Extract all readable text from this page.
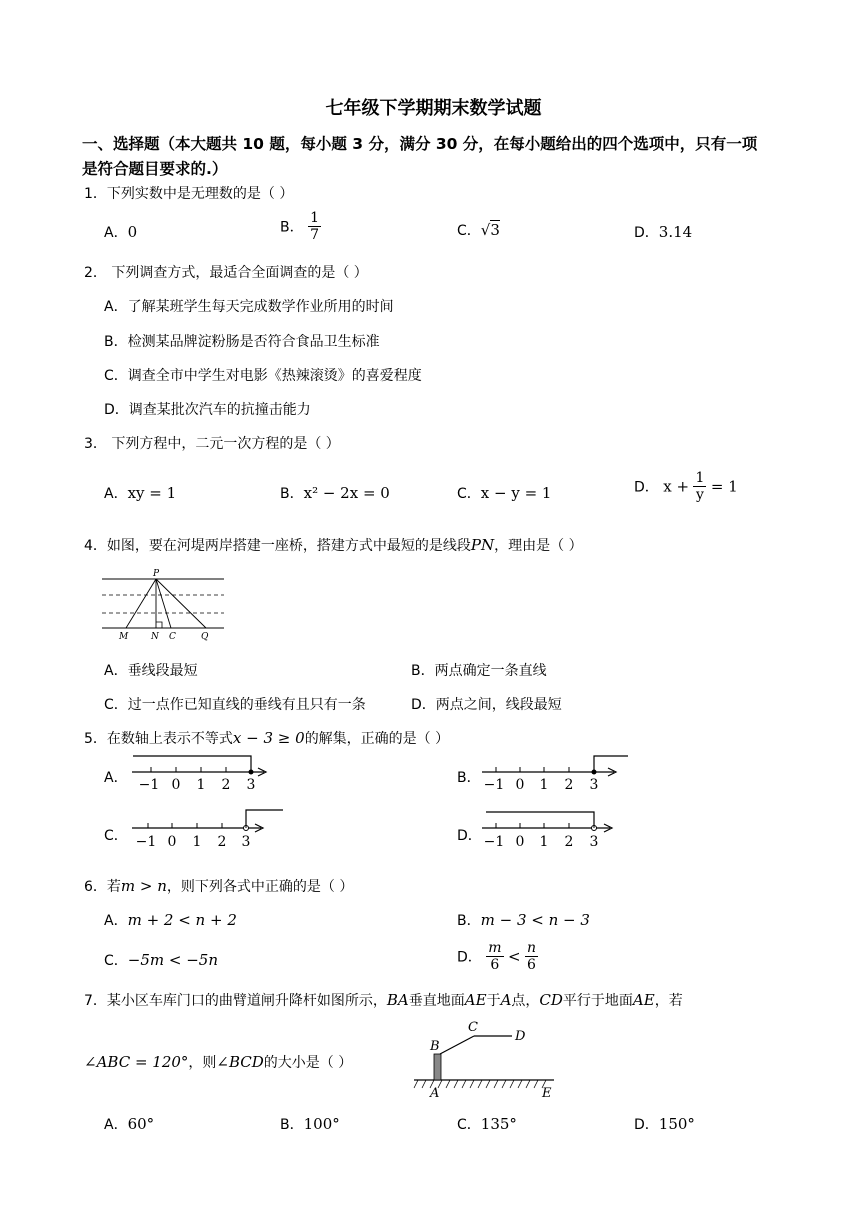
七年级下学期期末数学试题
一、选择题（本大题共 10 题，每小题 3 分，满分 30 分，在每小题给出的四个选项中，只有一项
是符合题目要求的.）
1．下列实数中是无理数的是（ ）
A．0	B． $\frac{1}{7}$	C．√3	D．3.14
2． 下列调查方式，最适合全面调查的是（ ）
A．了解某班学生每天完成数学作业所用的时间
B．检测某品牌淀粉肠是否符合食品卫生标准
C．调查全市中学生对电影《热辣滚烫》的喜爱程度
D．调查某批次汽车的抗撞击能力
3． 下列方程中，二元一次方程的是（ ）
A．xy = 1	B．x² − 2x = 0	C．x − y = 1	D． $x + \frac{1}{y} = 1$
4．如图，要在河堤两岸搭建一座桥，搭建方式中最短的是线段PN，理由是（ ）
P
M	N C	Q
A．垂线段最短	B．两点确定一条直线
C．过一点作已知直线的垂线有且只有一条	D．两点之间，线段最短
5．在数轴上表示不等式x − 3 ≥ 0的解集，正确的是（ ）
A． −1 0 1 2 3	B． −1 0 1 2 3
C． −1 0 1 2 3	D． −1 0 1 2 3
6．若m > n，则下列各式中正确的是（ ）
A．m + 2 < n + 2	B．m − 3 < n − 3
C．−5m < −5n	D． $\frac{m}{6} < \frac{n}{6}$
7．某小区车库门口的曲臂道闸升降杆如图所示，BA垂直地面AE于A点，CD平行于地面AE，若
∠ABC = 120°，则∠BCD的大小是（ ）
B
C
D
A	E
A．60°	B．100°	C．135°	D．150°
